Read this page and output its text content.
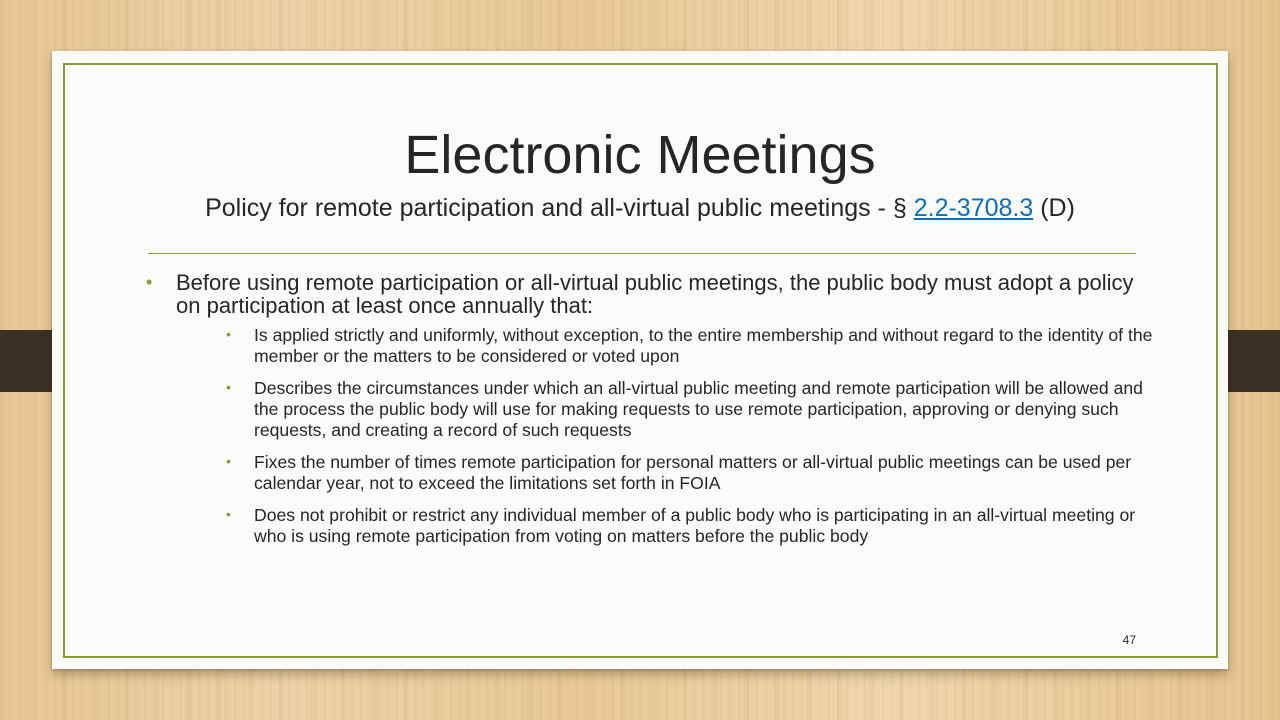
Electronic Meetings
Policy for remote participation and all-virtual public meetings - § 2.2-3708.3 (D)
• Before using remote participation or all-virtual public meetings, the public body must adopt a policy on participation at least once annually that:
• Is applied strictly and uniformly, without exception, to the entire membership and without regard to the identity of the member or the matters to be considered or voted upon
• Describes the circumstances under which an all-virtual public meeting and remote participation will be allowed and the process the public body will use for making requests to use remote participation, approving or denying such requests, and creating a record of such requests
• Fixes the number of times remote participation for personal matters or all-virtual public meetings can be used per calendar year, not to exceed the limitations set forth in FOIA
• Does not prohibit or restrict any individual member of a public body who is participating in an all-virtual meeting or who is using remote participation from voting on matters before the public body
47
